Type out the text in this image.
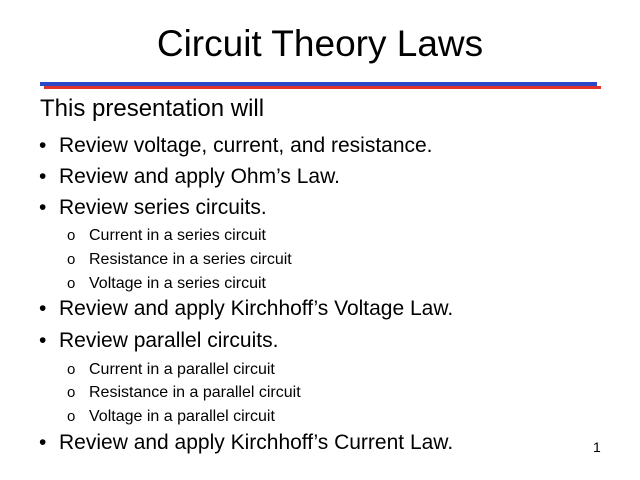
Circuit Theory Laws
This presentation will
• Review voltage, current, and resistance.
• Review and apply Ohm’s Law.
• Review series circuits.
o Current in a series circuit
o Resistance in a series circuit
o Voltage in a series circuit
• Review and apply Kirchhoff’s Voltage Law.
• Review parallel circuits.
o Current in a parallel circuit
o Resistance in a parallel circuit
o Voltage in a parallel circuit
• Review and apply Kirchhoff’s Current Law.	1
